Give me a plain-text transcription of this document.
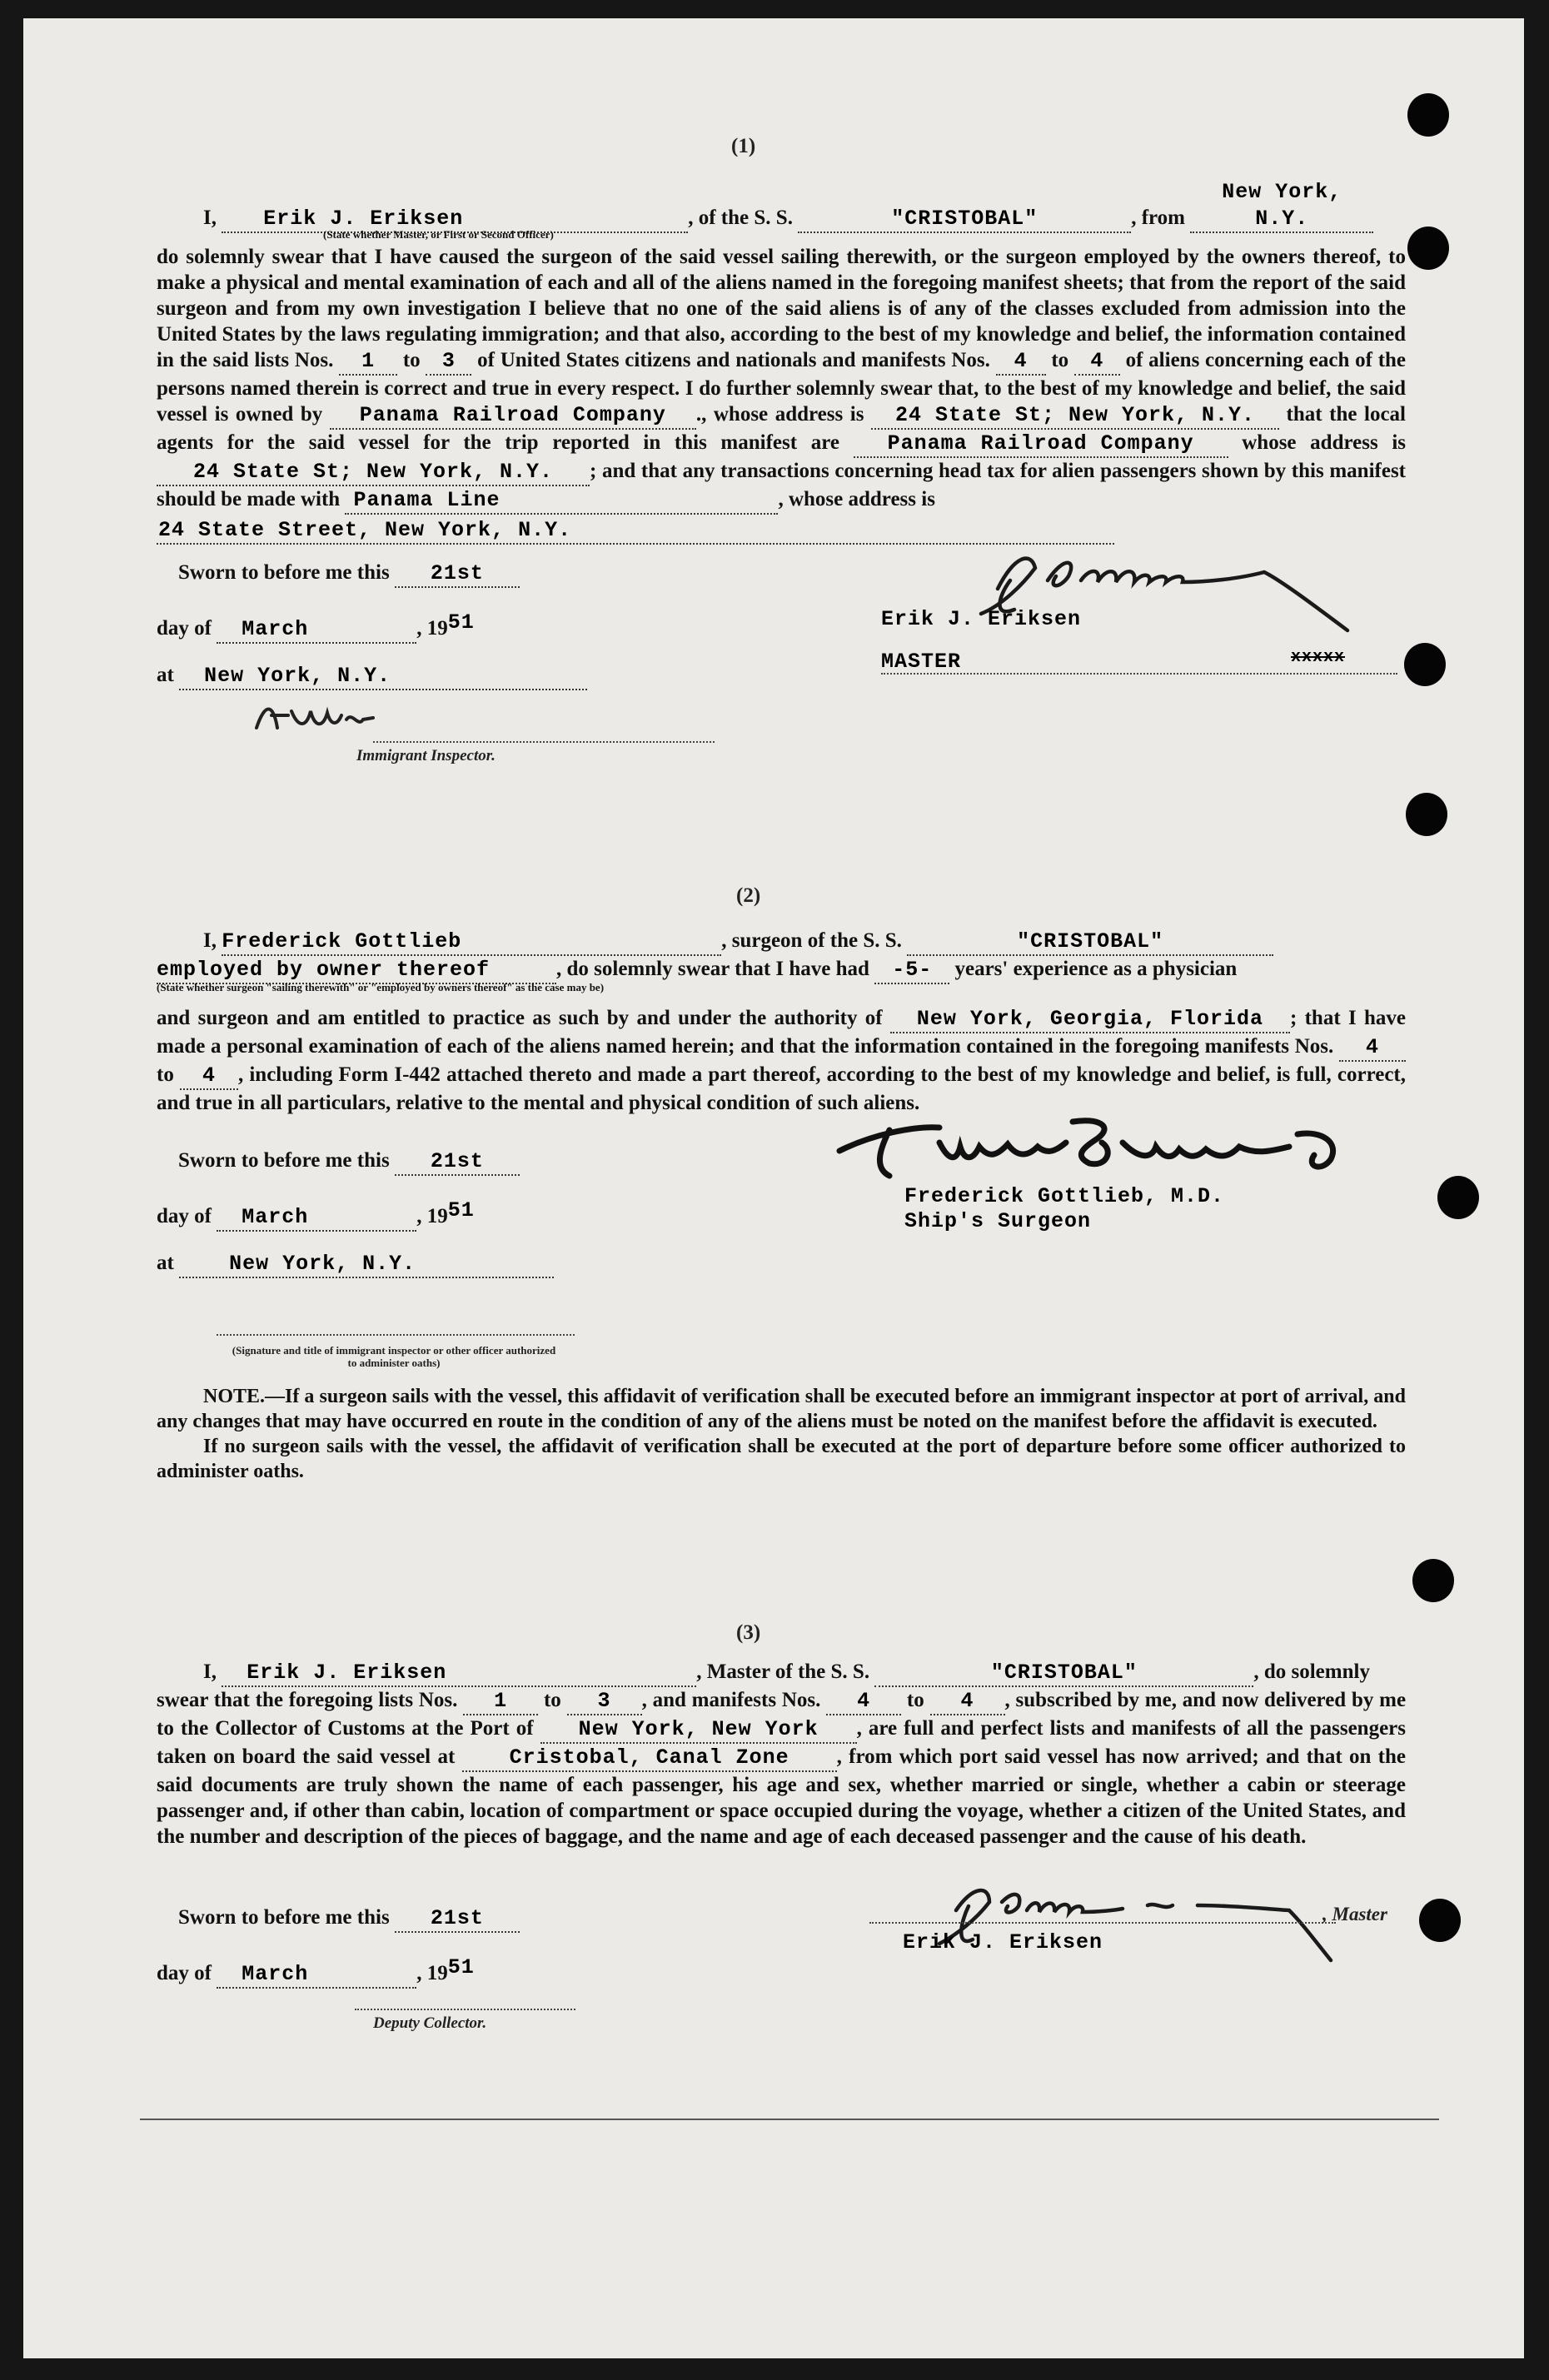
(1)

I, Erik J. Eriksen	, of the S. S.	"CRISTOBAL"	, from New York, N.Y.

(State whether Master, or First or Second Officer)

do solemnly swear that I have caused the surgeon of the said vessel sailing therewith, or the surgeon employed by the owners thereof, to make a physical and mental examination of each and all of the aliens named in the foregoing manifest sheets; that from the report of the said surgeon and from my own investigation I believe that no one of the said aliens is of any of the classes excluded from admission into the United States by the laws regulating immigration; and that also, according to the best of my knowledge and belief, the information contained in the said lists Nos. 1 to 3 of United States citizens and nationals and manifests Nos. 4 to 4 of aliens concerning each of the persons named therein is correct and true in every respect. I do further solemnly swear that, to the best of my knowledge and belief, the said vessel is owned by Panama Railroad Company ., whose address is 24 State St; New York, N.Y. that the local agents for the said vessel for the trip reported in this manifest are Panama Railroad Company whose address is 24 State St; New York, N.Y. ; and that any transactions concerning head tax for alien passengers shown by this manifest should be made with Panama Line	, whose address is

24 State Street, New York, N.Y.

Sworn to before me this 21st
day of March	, 1951
at New York, N.Y.
Immigrant Inspector.
Erik J. Eriksen
MASTER	xxxxx
(2)

I, Frederick Gottlieb	, surgeon of the S. S.	"CRISTOBAL"

employed by owner thereof	, do solemnly swear that I have had -5- years' experience as a physician

(State whether surgeon "sailing therewith" or "employed by owners thereof" as the case may be)

and surgeon and am entitled to practice as such by and under the authority of New York, Georgia, Florida ; that I have made a personal examination of each of the aliens named herein; and that the information contained in the foregoing manifests Nos. 4 to 4 , including Form I-442 attached thereto and made a part thereof, according to the best of my knowledge and belief, is full, correct, and true in all particulars, relative to the mental and physical condition of such aliens.

Sworn to before me this 21st
day of March	, 1951
at	New York, N.Y.
(Signature and title of immigrant inspector or other officer authorized to administer oaths)
Frederick Gottlieb, M.D.
Ship's Surgeon

NOTE.—If a surgeon sails with the vessel, this affidavit of verification shall be executed before an immigrant inspector at port of arrival, and any changes that may have occurred en route in the condition of any of the aliens must be noted on the manifest before the affidavit is executed.

If no surgeon sails with the vessel, the affidavit of verification shall be executed at the port of departure before some officer authorized to administer oaths.

(3)

I, Erik J. Eriksen	, Master of the S. S.	"CRISTOBAL"	, do solemnly

swear that the foregoing lists Nos. 1 to 3 , and manifests Nos. 4 to 4 , subscribed by me, and now delivered by me to the Collector of Customs at the Port of New York, New York , are full and perfect lists and manifests of all the passengers taken on board the said vessel at	Cristobal, Canal Zone , from which port said vessel has now arrived; and that on the said documents are truly shown the name of each passenger, his age and sex, whether married or single, whether a cabin or steerage passenger and, if other than cabin, location of compartment or space occupied during the voyage, whether a citizen of the United States, and the number and description of the pieces of baggage, and the name and age of each deceased passenger and the cause of his death.

Sworn to before me this 21st
day of March	, 1951
Deputy Collector.
, Master
Erik J. Eriksen
